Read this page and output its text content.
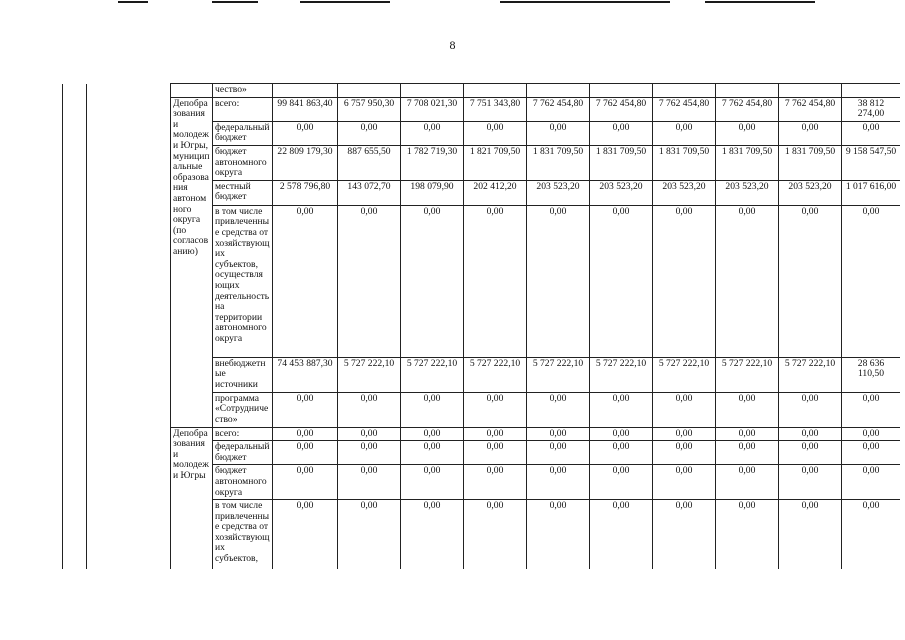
8
			чество»										
		Депобразования и молодежи Югры, муниципальные образования автономного округа (по согласованию)	всего:	99 841 863,40	6 757 950,30	7 708 021,30	7 751 343,80	7 762 454,80	7 762 454,80	7 762 454,80	7 762 454,80	7 762 454,80	38 812 274,00
			федеральный бюджет	0,00	0,00	0,00	0,00	0,00	0,00	0,00	0,00	0,00	0,00
			бюджет автономного округа	22 809 179,30	887 655,50	1 782 719,30	1 821 709,50	1 831 709,50	1 831 709,50	1 831 709,50	1 831 709,50	1 831 709,50	9 158 547,50
			местный бюджет	2 578 796,80	143 072,70	198 079,90	202 412,20	203 523,20	203 523,20	203 523,20	203 523,20	203 523,20	1 017 616,00
			в том числе привлеченные средства от хозяйствующих субъектов, осуществляющих деятельность на территории автономного округа	0,00	0,00	0,00	0,00	0,00	0,00	0,00	0,00	0,00	0,00
			внебюджетные источники	74 453 887,30	5 727 222,10	5 727 222,10	5 727 222,10	5 727 222,10	5 727 222,10	5 727 222,10	5 727 222,10	5 727 222,10	28 636 110,50
			программа «Сотрудничество»	0,00	0,00	0,00	0,00	0,00	0,00	0,00	0,00	0,00	0,00
		Депобразования и молодежи Югры	всего:	0,00	0,00	0,00	0,00	0,00	0,00	0,00	0,00	0,00	0,00
			федеральный бюджет	0,00	0,00	0,00	0,00	0,00	0,00	0,00	0,00	0,00	0,00
			бюджет автономного округа	0,00	0,00	0,00	0,00	0,00	0,00	0,00	0,00	0,00	0,00
			в том числе привлеченные средства от хозяйствующих субъектов,	0,00	0,00	0,00	0,00	0,00	0,00	0,00	0,00	0,00	0,00
